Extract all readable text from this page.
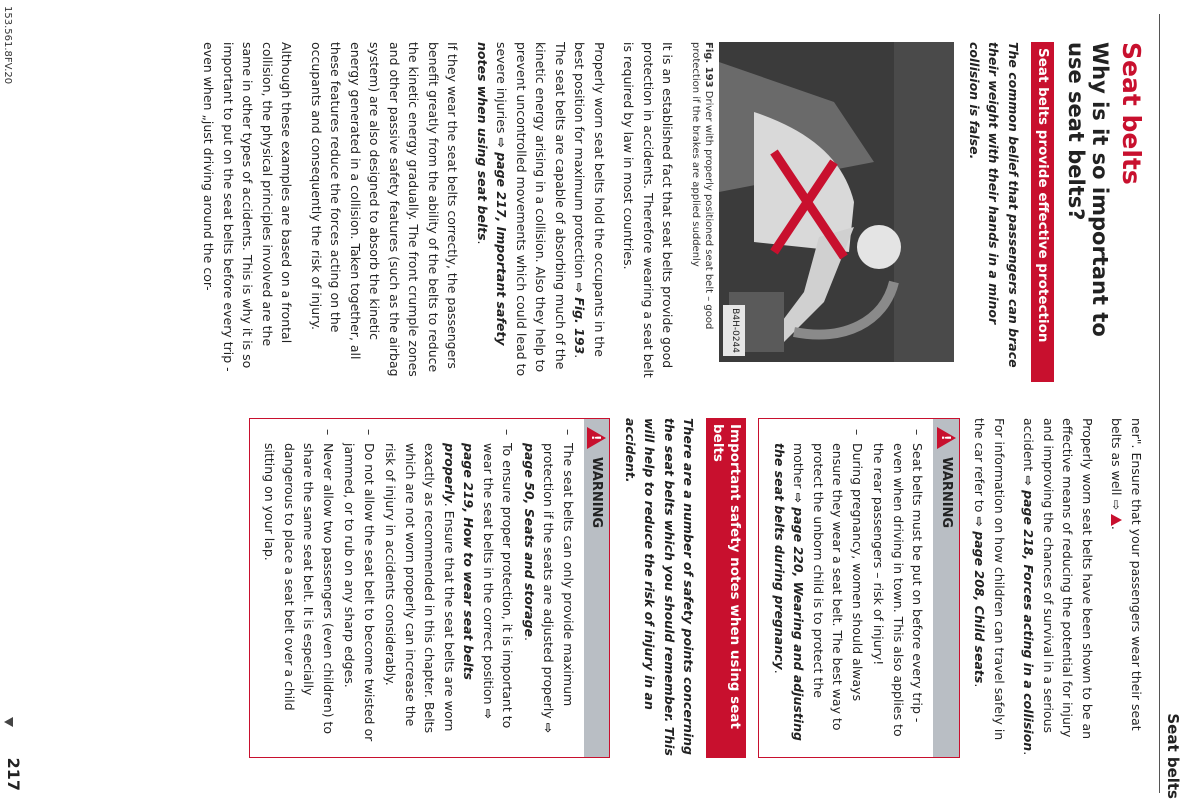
Seat belts
Seat belts
Why is it so important to use seat belts?
Seat belts provide effective protection

The common belief that passengers can brace their weight with their hands in a minor collision is false.

B4H-0244
Fig. 193 Driver with properly positioned seat belt – good protection if the brakes are applied suddenly

It is an established fact that seat belts provide good protection in accidents. Therefore wearing a seat belt is required by law in most countries.

Properly worn seat belts hold the occupants in the best position for maximum protection ⇨ Fig. 193. The seat belts are capable of absorbing much of the kinetic energy arising in a collision. Also they help to prevent uncontrolled movements which could lead to severe injuries ⇨ page 217, Important safety notes when using seat belts.

If they wear the seat belts correctly, the passengers benefit greatly from the ability of the belts to reduce the kinetic energy gradually. The front crumple zones and other passive safety features (such as the airbag system) are also designed to absorb the kinetic energy generated in a collision. Taken together, all these features reduce the forces acting on the occupants and consequently the risk of injury.

Although these examples are based on a frontal collision, the physical principles involved are the same in other types of accidents. This is why it is so important to put on the seat belts before every trip - even when „just driving around the cor-

ner". Ensure that your passengers wear their seat belts as well ⇨ .

Properly worn seat belts have been shown to be an effective means of reducing the potential for injury and improving the chances of survival in a serious accident ⇨ page 218, Forces acting in a collision.

For information on how children can travel safely in the car refer to ⇨ page 208, Child seats.

!
WARNING
– Seat belts must be put on before every trip - even when driving in town. This also applies to the rear passengers – risk of injury!
– During pregnancy, women should always ensure they wear a seat belt. The best way to protect the unborn child is to protect the mother ⇨ page 220, Wearing and adjusting the seat belts during pregnancy.
Important safety notes when using seat belts

There are a number of safety points concerning the seat belts which you should remember. This will help to reduce the risk of injury in an accident.

!
WARNING
– The seat belts can only provide maximum protection if the seats are adjusted properly ⇨ page 50, Seats and storage.
– To ensure proper protection, it is important to wear the seat belts in the correct position ⇨ page 219, How to wear seat belts properly. Ensure that the seat belts are worn exactly as recommended in this chapter. Belts which are not worn properly can increase the risk of injury in accidents considerably.
– Do not allow the seat belt to become twisted or jammed, or to rub on any sharp edges.
– Never allow two passengers (even children) to share the same seat belt. It is especially dangerous to place a seat belt over a child sitting on your lap.
153.561.8FV.20
217
